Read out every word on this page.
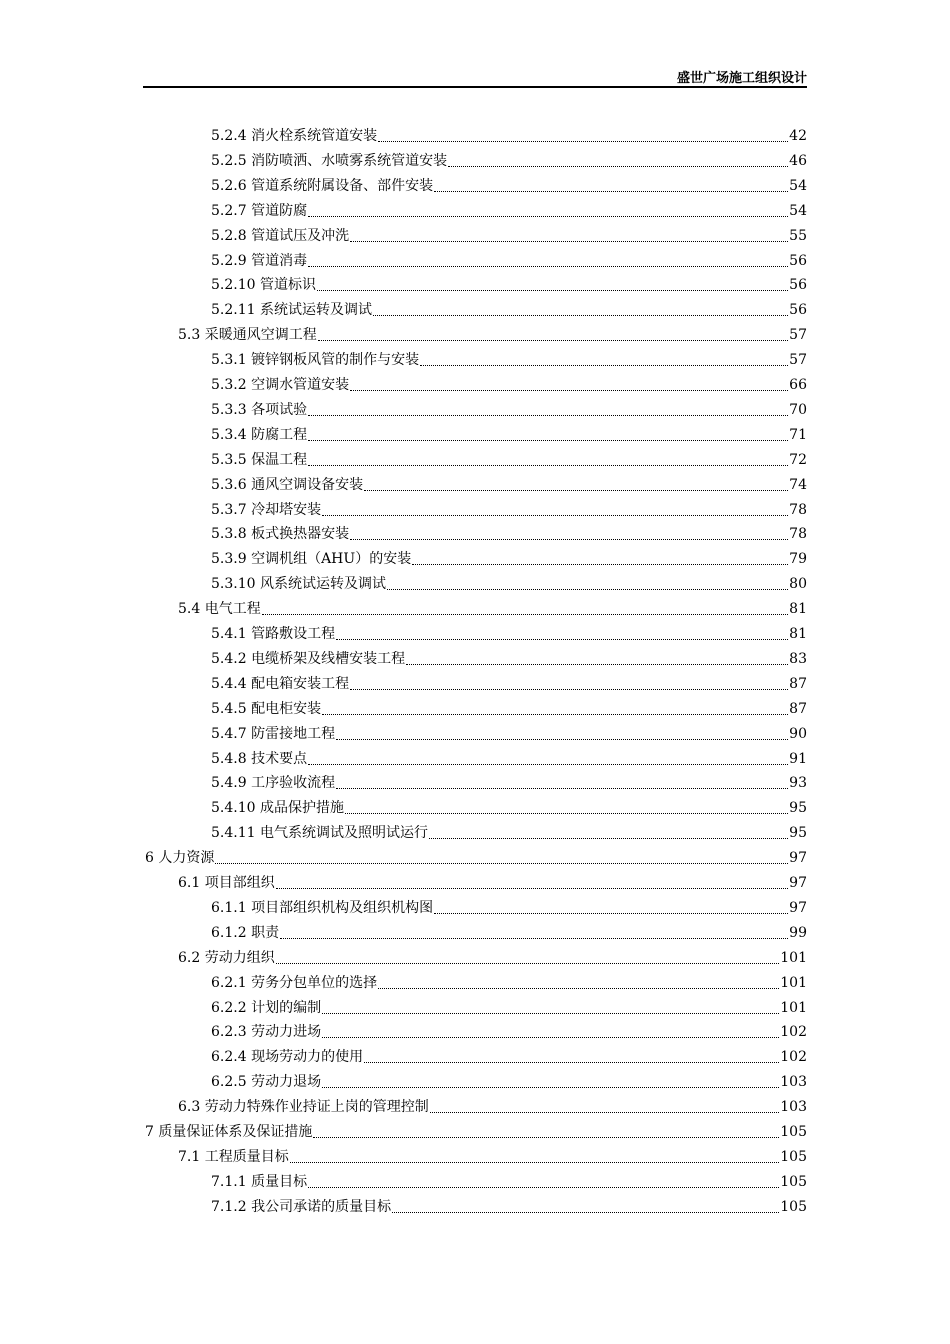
盛世广场施工组织设计
5.2.4 消火栓系统管道安装	42
5.2.5 消防喷洒、水喷雾系统管道安装	46
5.2.6 管道系统附属设备、部件安装	54
5.2.7 管道防腐	54
5.2.8 管道试压及冲洗	55
5.2.9 管道消毒	56
5.2.10 管道标识	56
5.2.11 系统试运转及调试	56
5.3 采暖通风空调工程	57
5.3.1 镀锌钢板风管的制作与安装	57
5.3.2 空调水管道安装	66
5.3.3 各项试验	70
5.3.4 防腐工程	71
5.3.5 保温工程	72
5.3.6 通风空调设备安装	74
5.3.7 冷却塔安装	78
5.3.8 板式换热器安装	78
5.3.9 空调机组（AHU）的安装	79
5.3.10 风系统试运转及调试	80
5.4 电气工程	81
5.4.1 管路敷设工程	81
5.4.2 电缆桥架及线槽安装工程	83
5.4.4 配电箱安装工程	87
5.4.5 配电柜安装	87
5.4.7 防雷接地工程	90
5.4.8 技术要点	91
5.4.9 工序验收流程	93
5.4.10 成品保护措施	95
5.4.11 电气系统调试及照明试运行	95
6 人力资源	97
6.1 项目部组织	97
6.1.1 项目部组织机构及组织机构图	97
6.1.2 职责	99
6.2 劳动力组织	101
6.2.1 劳务分包单位的选择	101
6.2.2 计划的编制	101
6.2.3 劳动力进场	102
6.2.4 现场劳动力的使用	102
6.2.5 劳动力退场	103
6.3 劳动力特殊作业持证上岗的管理控制	103
7 质量保证体系及保证措施	105
7.1 工程质量目标	105
7.1.1 质量目标	105
7.1.2 我公司承诺的质量目标	105
